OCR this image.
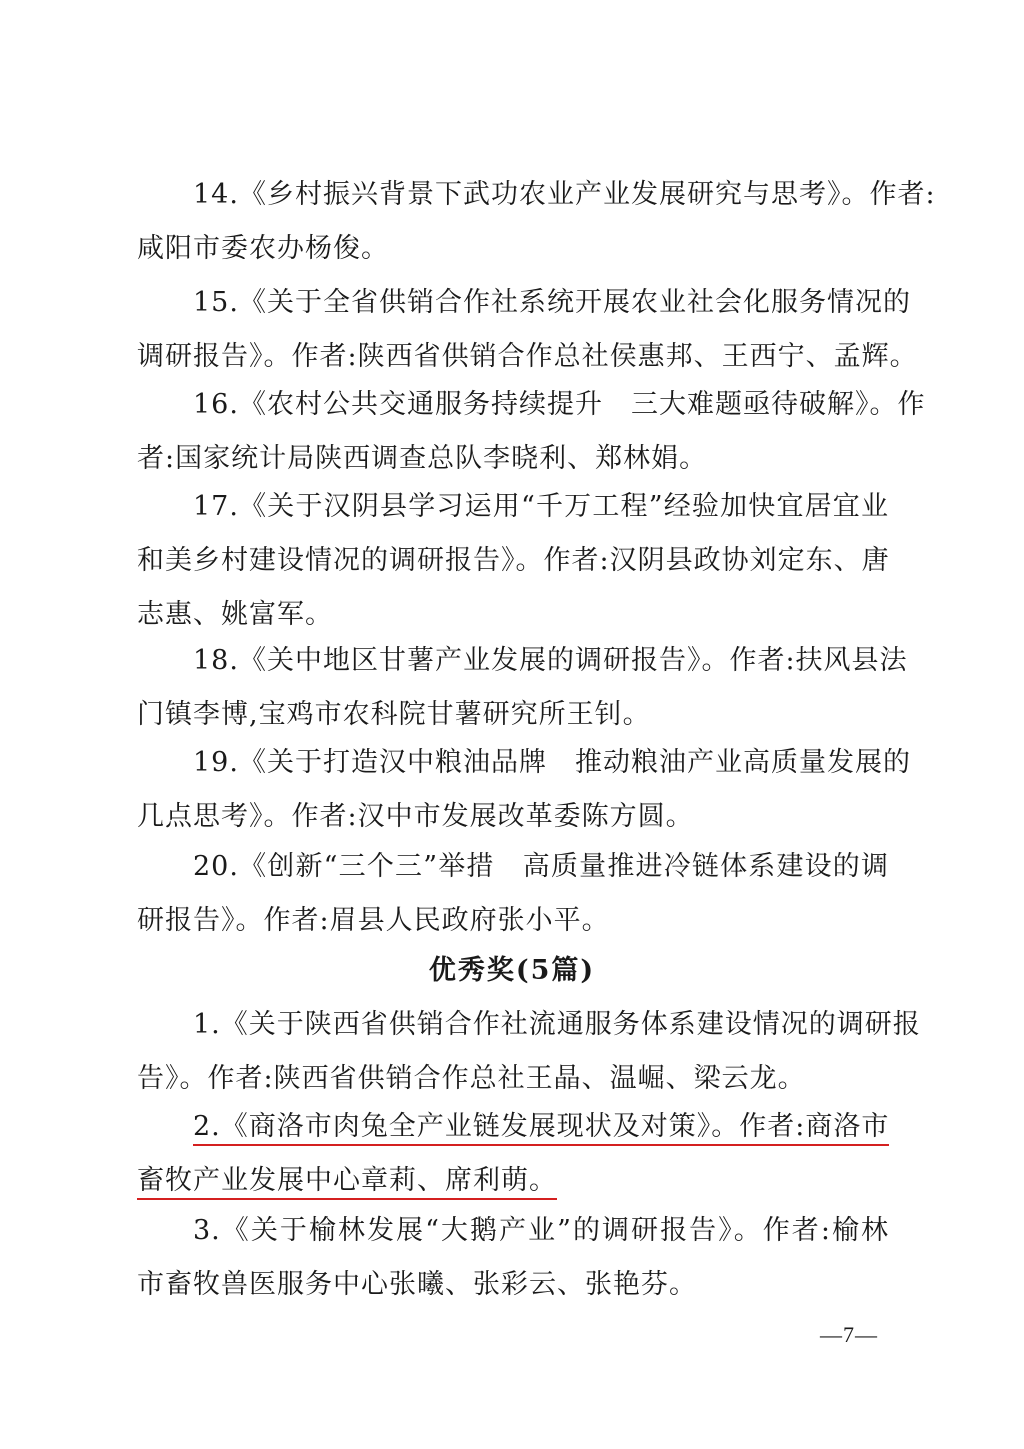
14.《乡村振兴背景下武功农业产业发展研究与思考》。作者:
咸阳市委农办杨俊。

15.《关于全省供销合作社系统开展农业社会化服务情况的
调研报告》。作者:陕西省供销合作总社侯惠邦、王西宁、孟辉。

16.《农村公共交通服务持续提升　三大难题亟待破解》。作
者:国家统计局陕西调查总队李晓利、郑林娟。

17.《关于汉阴县学习运用“千万工程”经验加快宜居宜业
和美乡村建设情况的调研报告》。作者:汉阴县政协刘定东、唐
志惠、姚富军。

18.《关中地区甘薯产业发展的调研报告》。作者:扶风县法
门镇李博,宝鸡市农科院甘薯研究所王钊。

19.《关于打造汉中粮油品牌　推动粮油产业高质量发展的
几点思考》。作者:汉中市发展改革委陈方圆。

20.《创新“三个三”举措　高质量推进冷链体系建设的调
研报告》。作者:眉县人民政府张小平。

优秀奖(5篇)

1.《关于陕西省供销合作社流通服务体系建设情况的调研报
告》。作者:陕西省供销合作总社王晶、温崛、梁云龙。

2.《商洛市肉兔全产业链发展现状及对策》。作者:商洛市
畜牧产业发展中心章莉、席利萌。

3.《关于榆林发展“大鹅产业”的调研报告》。作者:榆林
市畜牧兽医服务中心张曦、张彩云、张艳芬。

—7—
